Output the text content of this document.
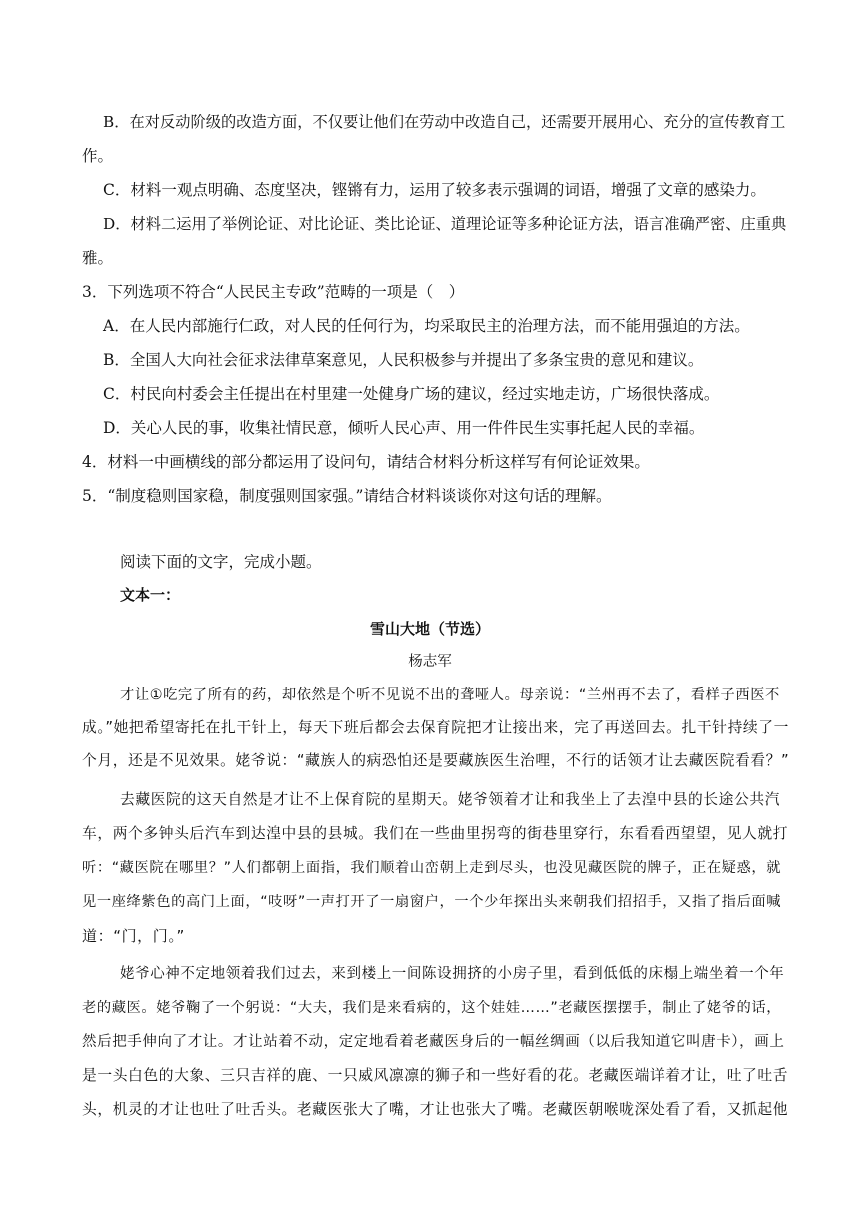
B．在对反动阶级的改造方面，不仅要让他们在劳动中改造自己，还需要开展用心、充分的宣传教育工
作。
C．材料一观点明确、态度坚决，铿锵有力，运用了较多表示强调的词语，增强了文章的感染力。
D．材料二运用了举例论证、对比论证、类比论证、道理论证等多种论证方法，语言准确严密、庄重典
雅。
3．下列选项不符合“人民民主专政”范畴的一项是（　）
A．在人民内部施行仁政，对人民的任何行为，均采取民主的治理方法，而不能用强迫的方法。
B．全国人大向社会征求法律草案意见，人民积极参与并提出了多条宝贵的意见和建议。
C．村民向村委会主任提出在村里建一处健身广场的建议，经过实地走访，广场很快落成。
D．关心人民的事，收集社情民意，倾听人民心声、用一件件民生实事托起人民的幸福。
4．材料一中画横线的部分都运用了设问句，请结合材料分析这样写有何论证效果。
5．“制度稳则国家稳，制度强则国家强。”请结合材料谈谈你对这句话的理解。
阅读下面的文字，完成小题。
文本一：
雪山大地（节选）
杨志军
才让①吃完了所有的药，却依然是个听不见说不出的聋哑人。母亲说：“兰州再不去了，看样子西医不
成。”她把希望寄托在扎干针上，每天下班后都会去保育院把才让接出来，完了再送回去。扎干针持续了一
个月，还是不见效果。姥爷说：“藏族人的病恐怕还是要藏族医生治哩，不行的话领才让去藏医院看看？”
去藏医院的这天自然是才让不上保育院的星期天。姥爷领着才让和我坐上了去湟中县的长途公共汽
车，两个多钟头后汽车到达湟中县的县城。我们在一些曲里拐弯的街巷里穿行，东看看西望望，见人就打
听：“藏医院在哪里？”人们都朝上面指，我们顺着山峦朝上走到尽头，也没见藏医院的牌子，正在疑惑，就
见一座绛紫色的高门上面，“吱呀”一声打开了一扇窗户，一个少年探出头来朝我们招招手，又指了指后面喊
道：“门，门。”
姥爷心神不定地领着我们过去，来到楼上一间陈设拥挤的小房子里，看到低低的床榻上端坐着一个年
老的藏医。姥爷鞠了一个躬说：“大夫，我们是来看病的，这个娃娃……”老藏医摆摆手，制止了姥爷的话，
然后把手伸向了才让。才让站着不动，定定地看着老藏医身后的一幅丝绸画（以后我知道它叫唐卡），画上
是一头白色的大象、三只吉祥的鹿、一只威风凛凛的狮子和一些好看的花。老藏医端详着才让，吐了吐舌
头，机灵的才让也吐了吐舌头。老藏医张大了嘴，才让也张大了嘴。老藏医朝喉咙深处看了看，又抓起他
